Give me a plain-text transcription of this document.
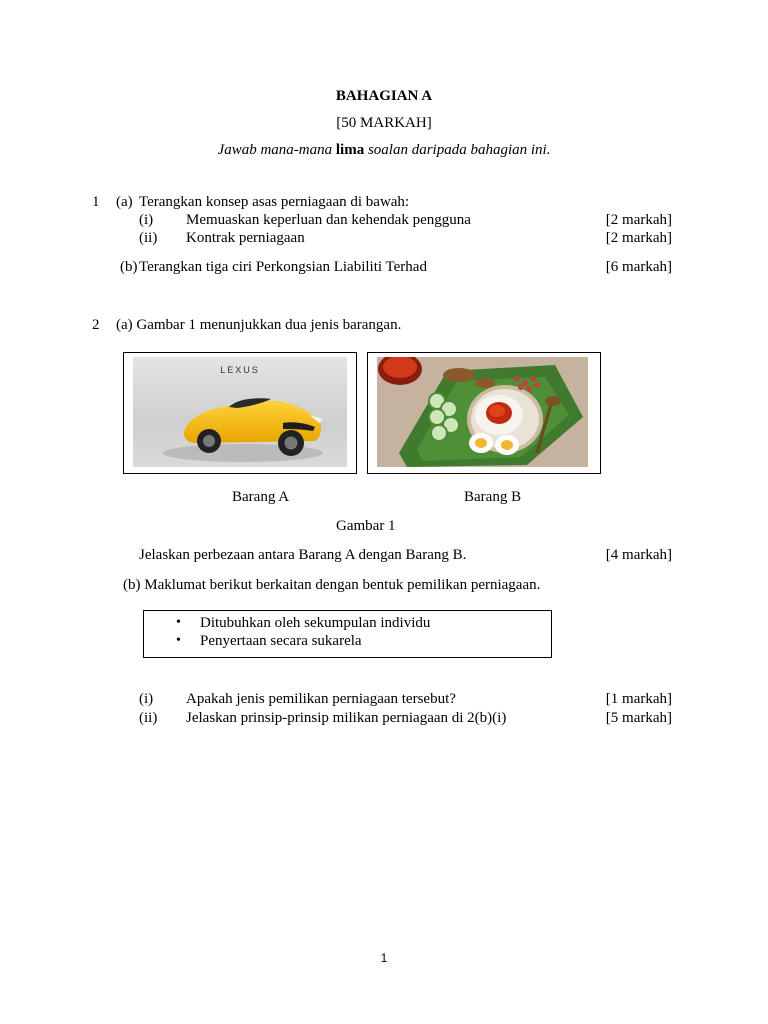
BAHAGIAN A
[50 MARKAH]
Jawab mana-mana lima soalan daripada bahagian ini.
1 (a) Terangkan konsep asas perniagaan di bawah:
(i) Memuaskan keperluan dan kehendak pengguna	[2 markah]
(ii) Kontrak perniagaan	[2 markah]
(b) Terangkan tiga ciri Perkongsian Liabiliti Terhad	[6 markah]
2 (a) Gambar 1 menunjukkan dua jenis barangan.
LEXUS
Barang A	Barang B
Gambar 1
Jelaskan perbezaan antara Barang A dengan Barang B.	[4 markah]
(b) Maklumat berikut berkaitan dengan bentuk pemilikan perniagaan.
• Ditubuhkan oleh sekumpulan individu
• Penyertaan secara sukarela
(i) Apakah jenis pemilikan perniagaan tersebut?	[1 markah]
(ii) Jelaskan prinsip-prinsip milikan perniagaan di 2(b)(i)	[5 markah]
1
